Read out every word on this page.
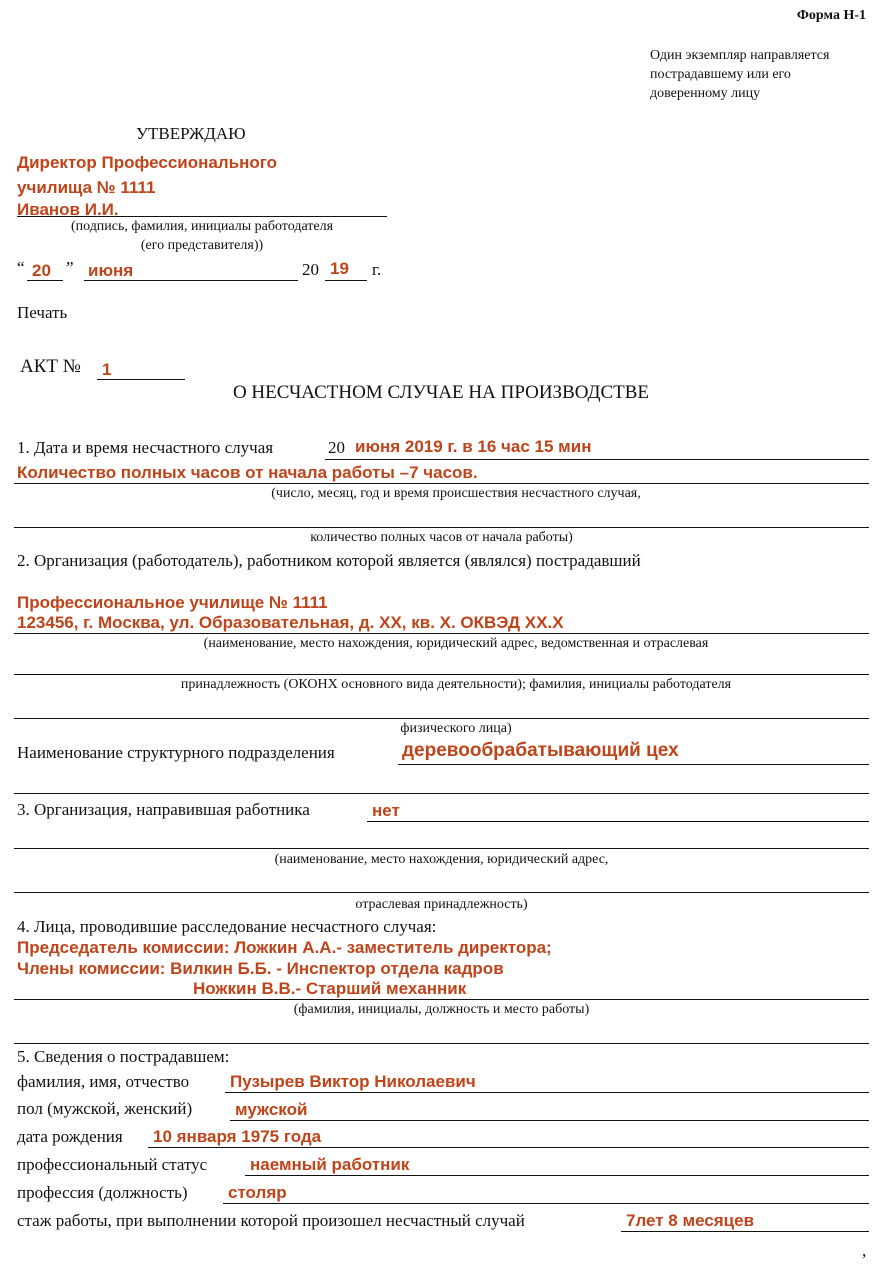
Форма Н-1
Один экземпляр направляется
пострадавшему или его
доверенному лицу
УТВЕРЖДАЮ
Директор Профессионального
училища № 1111
Иванов И.И.
(подпись, фамилия, инициалы работодателя
(его представителя))
“ 20 ” июня	20 19 г.
Печать
АКТ № 1
О НЕСЧАСТНОМ СЛУЧАЕ НА ПРОИЗВОДСТВЕ
1. Дата и время несчастного случая	20 июня 2019 г. в 16 час 15 мин
Количество полных часов от начала работы –7 часов.
(число, месяц, год и время происшествия несчастного случая,
количество полных часов от начала работы)
2. Организация (работодатель), работником которой является (являлся) пострадавший
Профессиональное училище № 1111
123456, г. Москва, ул. Образовательная, д. XX, кв. X. ОКВЭД XX.X
(наименование, место нахождения, юридический адрес, ведомственная и отраслевая
принадлежность (ОКОНХ основного вида деятельности); фамилия, инициалы работодателя
физического лица)
Наименование структурного подразделения	деревообрабатывающий цех
3. Организация, направившая работника	нет
(наименование, место нахождения, юридический адрес,
отраслевая принадлежность)
4. Лица, проводившие расследование несчастного случая:
Председатель комиссии: Ложкин А.А.- заместитель директора;
Члены комиссии: Вилкин Б.Б. - Инспектор отдела кадров
Ножкин В.В.- Старший механник
(фамилия, инициалы, должность и место работы)
5. Сведения о пострадавшем:
фамилия, имя, отчество Пузырев Виктор Николаевич
пол (мужской, женский)	мужской
дата рождения 10 января 1975 года
профессиональный статус	наемный работник
профессия (должность) столяр
стаж работы, при выполнении которой произошел несчастный случай	7лет 8 месяцев
,
